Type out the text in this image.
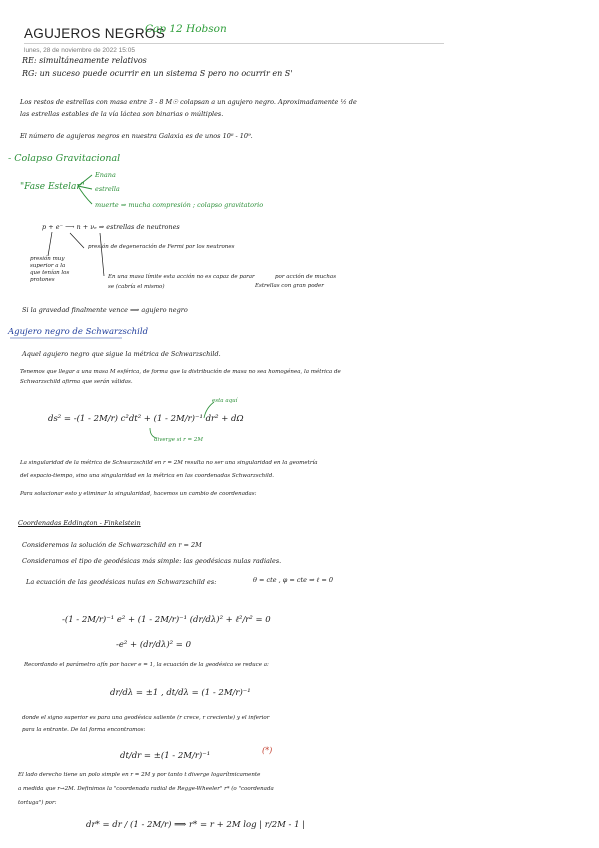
AGUJEROS NEGROS
Cap 12 Hobson
lunes, 28 de noviembre de 2022 15:05
RE: simultáneamente relativos
RG: un suceso puede ocurrir en un sistema S pero no ocurrir en S'
Los restos de estrellas con masa entre 3 - 8 M☉ colapsan a un agujero negro. Aproximadamente ½ de
las estrellas estables de la vía láctea son binarias o múltiples.
El número de agujeros negros en nuestra Galaxia es de unos 10⁸ - 10⁹.
- Colapso Gravitacional
"Fase Estelar"
Enana
estrella
muerte ⇒ mucha compresión ; colapso gravitatorio
p + e⁻ ⟶ n + νₑ ⇒ estrellas de neutrones
presión de degeneración de Fermi por los neutrones
presión muy superior a la que tenían los protones	En una masa límite esta acción no es capaz de parar
se (cabría el mismo)
por acción de muchas
Estrellas con gran poder
Si la gravedad finalmente vence ⟹ agujero negro
Agujero negro de Schwarzschild
Aquel agujero negro que sigue la métrica de Schwarzschild.
Tenemos que llegar a una masa M esférica, de forma que la distribución de masa no sea homogénea, la métrica de
Schwarzschild afirma que serán válidas.
ds² = -(1 - 2M/r) c²dt² + (1 - 2M/r)⁻¹ dr² + dΩ
esta aquí
diverge si r = 2M
La singularidad de la métrica de Schwarzschild en r = 2M resulta no ser una singularidad en la geometría
del espacio-tiempo, sino una singularidad en la métrica en las coordenadas Schwarzschild.
Para solucionar esto y eliminar la singularidad, hacemos un cambio de coordenadas:
Coordenadas Eddington - Finkelstein
Consideremos la solución de Schwarzschild en r = 2M
Consideramos el tipo de geodésicas más simple: las geodésicas nulas radiales.
La ecuación de las geodésicas nulas en Schwarzschild es:	θ = cte , φ = cte ⇒ ℓ = 0
-(1 - 2M/r)⁻¹ e² + (1 - 2M/r)⁻¹ (dr/dλ)² + ℓ²/r² = 0
-e² + (dr/dλ)² = 0
Recordando el parámetro afín por hacer e = 1, la ecuación de la geodésica se reduce a:
dr/dλ = ±1 , dt/dλ = (1 - 2M/r)⁻¹
donde el signo superior es para una geodésica saliente (r crece, r creciente) y el inferior
para la entrante. De tal forma encontramos:
dt/dr = ±(1 - 2M/r)⁻¹
(*)
El lado derecho tiene un polo simple en r = 2M y por tanto t diverge logarítmicamente
a medida que r→2M. Definimos la "coordenada radial de Regge-Wheeler" r* (o "coordenada
tortuga") por:
dr* = dr / (1 - 2M/r) ⟹ r* = r + 2M log | r/2M - 1 |
